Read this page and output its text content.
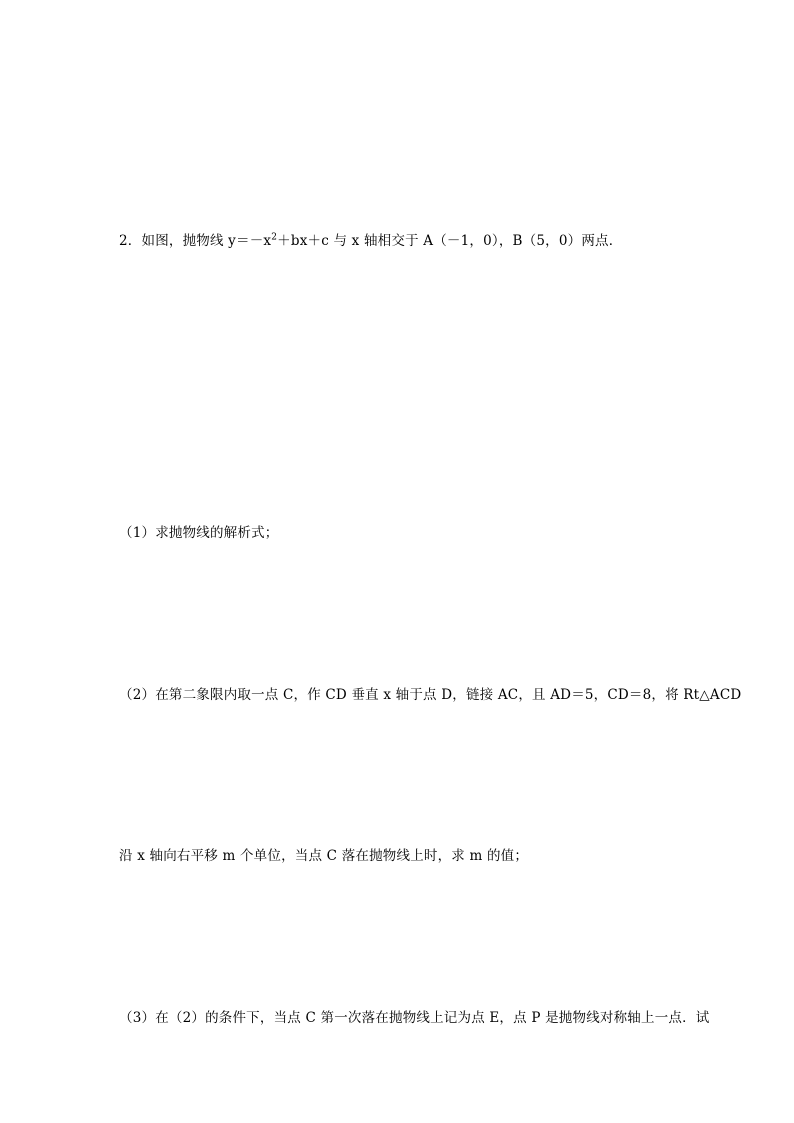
2．如图，抛物线 $y=-x^2+bx+c$ 与 x 轴相交于 A（－1，0），B（5，0）两点．
（1）求抛物线的解析式；
（2）在第二象限内取一点 C，作 CD 垂直 x 轴于点 D，链接 AC，且 AD＝5，CD＝8，将 Rt△ACD
沿 x 轴向右平移 m 个单位，当点 C 落在抛物线上时，求 m 的值；
（3）在（2）的条件下，当点 C 第一次落在抛物线上记为点 E，点 P 是抛物线对称轴上一点．试
